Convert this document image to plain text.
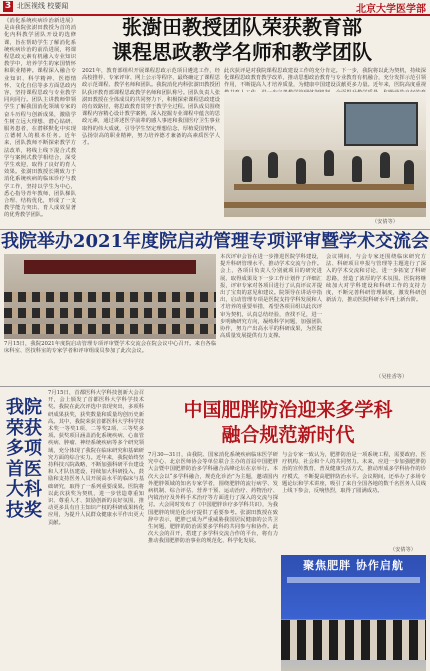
3 北医视线 校要闻	北京大学医学部
《消化系统疾病诊治新进展》是由我院张澍田教授为首的消化内科教学团队开设的选修课，旨在帮助学生了解消化系统疾病诊治的前沿进展，将课程思政元素有机融入专业知识教学中，培养学生的家国情怀和职业精神。课程深入融合专业知识、科学精神、医德情怀、文化自信等多方面思政内容，坚持课程思政与专业教学同向同行。团队主讲教师带领学生了解我国消化领域专家的奋斗历程与创新成果，激励学生树立远大理想、潜心钻研、服务患者，在潜移默化中实现立德树人的根本任务。近年来，团队教师不断探索教学方法改革，将线上线下混合式教学与案例式教学相结合，深受学生欢迎，取得了良好的育人效果。张澍田教授长期致力于消化系统疾病的临床诊疗与教学工作，坚持以学生为中心，悉心指导青年教师，团队梯队合理、结构优化，形成了一支教学能力突出、育人成效显著的优秀教学团队。
张澍田教授团队荣获教育部
课程思政教学名师和教学团队
2021年，教育部组织开展课程思政示范项目遴选工作，经高校推荐、专家评审、网上公示等程序，最终确定了课程思政示范课程、教学名师和团队。我院消化内科张澍田教授团队获评教育部课程思政教学名师和团队称号。团队负责人张澍田教授在全体成员的共同努力下，积极探索课程思政建设的有效路径，将思政教育贯穿于教学全过程。团队成员围绕课程内容精心设计教学案例，深入挖掘专业课程中蕴含的思政元素，通过讲述医学前辈的感人事迹和我国医疗卫生事业取得的伟大成就，引导学生坚定理想信念，厚植爱国情怀，弘扬崇高的职业精神，努力培养德才兼备的高素质医学人才。
此次获评是对我院课程思政建设工作的充分肯定。下一步，我院将以此为契机，持续深化课程思政教育教学改革，推动思想政治教育与专业教育有机融合，充分发挥示范引领作用，不断提高人才培养质量，为健康中国建设贡献更多力量。近年来，医院高度重视
（安倩等）
我院举办2021年度院启动管理专项评审暨学术交流会
7月15日，我院2021年度院启动管理专项评审暨学术交流会在院会议中心召开。来自各临床科室、医技科室的专家学者和评审组成员参加了此次会议。
本次评审会旨在进一步推进医院学科建设，提升科研管理水平，推动学术交流与合作。会上，各项目负责人分别就项目的研究进展、取得成果及下一步工作计划作了详细汇报，评审专家对各项目进行了认真评议并提出了宝贵的意见和建议。院领导在讲话中指出，启动管理专项是医院支持学科发展和人才培养的重要举措，希望各项目组以此次评审为契机，认真总结经验，查找不足，进一步明确研究方向，凝练科学问题，加强团队协作，努力产出高水平的科研成果，为医院高质量发展提供有力支撑。
会议期间，与会专家还围绕临床研究方法、科研项目申报与管理等主题进行了深入的学术交流和讨论，进一步拓宽了科研思路，营造了浓厚的学术氛围。医院将继续加大对学科建设和科研工作的支持力度，不断完善科研管理制度，激发科研创新活力，推动医院科研水平再上新台阶。
（吴桂香等）
我院荣获多项首医大科技奖
7月15日，首都医科大学科技创新大会召开，会上颁发了首都医科大学科学技术奖。我院在此次评选中表现突出，多项科研成果获奖，获奖数量和质量均创历史新高。其中，我院荣获首都医科大学科学技术奖一等奖1项、二等奖2项、三等奖多项。获奖项目涵盖消化系统疾病、心血管疾病、肿瘤、神经系统疾病等多个研究领域，充分体现了我院在临床研究和基础研究方面的综合实力。近年来，我院始终坚持科技兴院战略，不断加强科研平台建设和人才队伍建设，持续加大科研投入，鼓励和支持医务人员开展高水平的临床与基础研究，取得了一系列重要成果。医院将以此次获奖为契机，进一步营造尊重知识、尊重人才、鼓励创新的良好氛围，推动更多具有自主知识产权的科研成果转化应用，为提升人民群众健康水平作出更大贡献。
中国肥胖防治迎来多学科
融合规范新时代
7月30—31日，由我院、国家消化系统疾病临床医学研究中心、北京医师协会等单位联合主办的首届中国肥胖大会暨中国肥胖防治多学科融合高峰论坛在京举行。本次大会以“多学科融合，规范化诊治”为主题，邀请国内外肥胖领域的知名专家学者，围绕肥胖的流行病学、发病机制、综合评估、营养干预、运动治疗、药物治疗、内镜治疗及外科手术治疗等方面进行了深入的交流与探讨。大会同时发布了《中国肥胖诊疗多学科共识》，为我国肥胖的规范化诊疗提供了重要参考。张澍田教授在致辞中表示，肥胖已成为严重威胁我国居民健康的公共卫生问题，肥胖的防治需要多学科的共同参与和协作。此次大会的召开，搭建了多学科交流合作的平台，将有力推动我国肥胖防治事业的规范化、科学化发展。
与会专家一致认为，肥胖防治是一项系统工程，需要政府、医疗机构、社会和个人的共同努力。未来，应进一步加强肥胖防治的宣传教育，普及健康生活方式，推动形成多学科协作的诊疗模式，不断提高肥胖防治水平。会议期间，还举办了多场专题论坛和学术讲座，吸引了来自全国各地的数千名医务人员线上线下参会，反响热烈，取得了圆满成功。
（安倩等）
聚焦肥胖 协作启航
